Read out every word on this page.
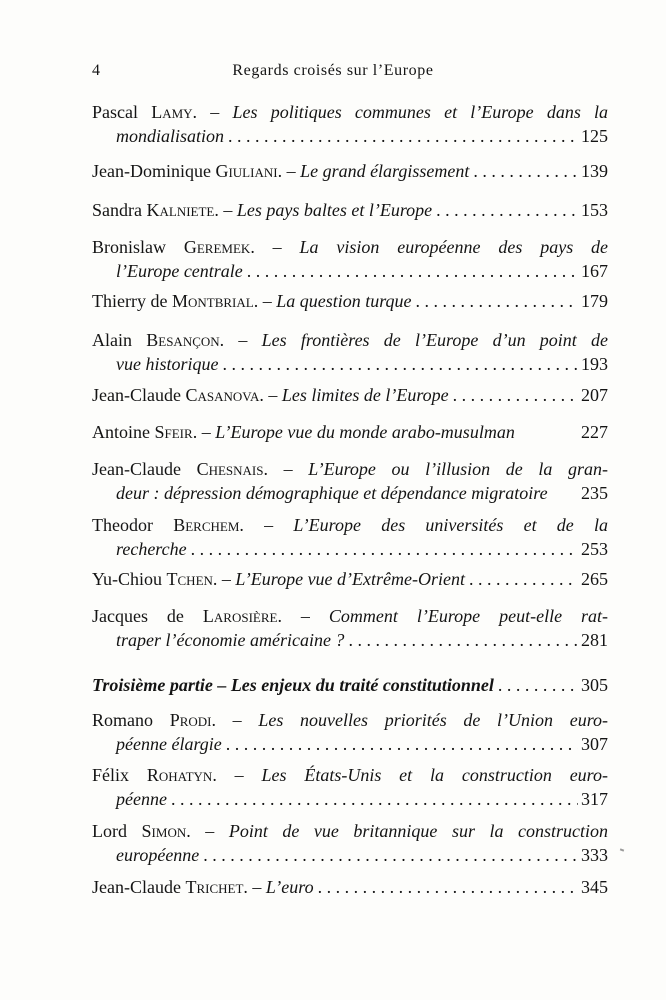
4	Regards croisés sur l’Europe
Pascal Lamy. – Les politiques communes et l’Europe dans la
mondialisation . . .	125
Jean-Dominique Giuliani. – Le grand élargissement . . .	139
Sandra Kalniete. – Les pays baltes et l’Europe . . .	153
Bronislaw Geremek. – La vision européenne des pays de
l’Europe centrale . . .	167
Thierry de Montbrial. – La question turque . . .	179
Alain Besançon. – Les frontières de l’Europe d’un point de
vue historique . . .	193
Jean-Claude Casanova. – Les limites de l’Europe . . .	207
Antoine Sfeir. – L’Europe vue du monde arabo-musulman	227
Jean-Claude Chesnais. – L’Europe ou l’illusion de la gran-
deur : dépression démographique et dépendance migratoire	235
Theodor Berchem. – L’Europe des universités et de la
recherche . . .	253
Yu-Chiou Tchen. – L’Europe vue d’Extrême-Orient . . .	265
Jacques de Larosière. – Comment l’Europe peut-elle rat-
traper l’économie américaine ? . . .	281
Troisième partie – Les enjeux du traité constitutionnel . . .	305
Romano Prodi. – Les nouvelles priorités de l’Union euro-
péenne élargie . . .	307
Félix Rohatyn. – Les États-Unis et la construction euro-
péenne . . .	317
Lord Simon. – Point de vue britannique sur la construction
européenne . . .	333
Jean-Claude Trichet. – L’euro . . .	345
